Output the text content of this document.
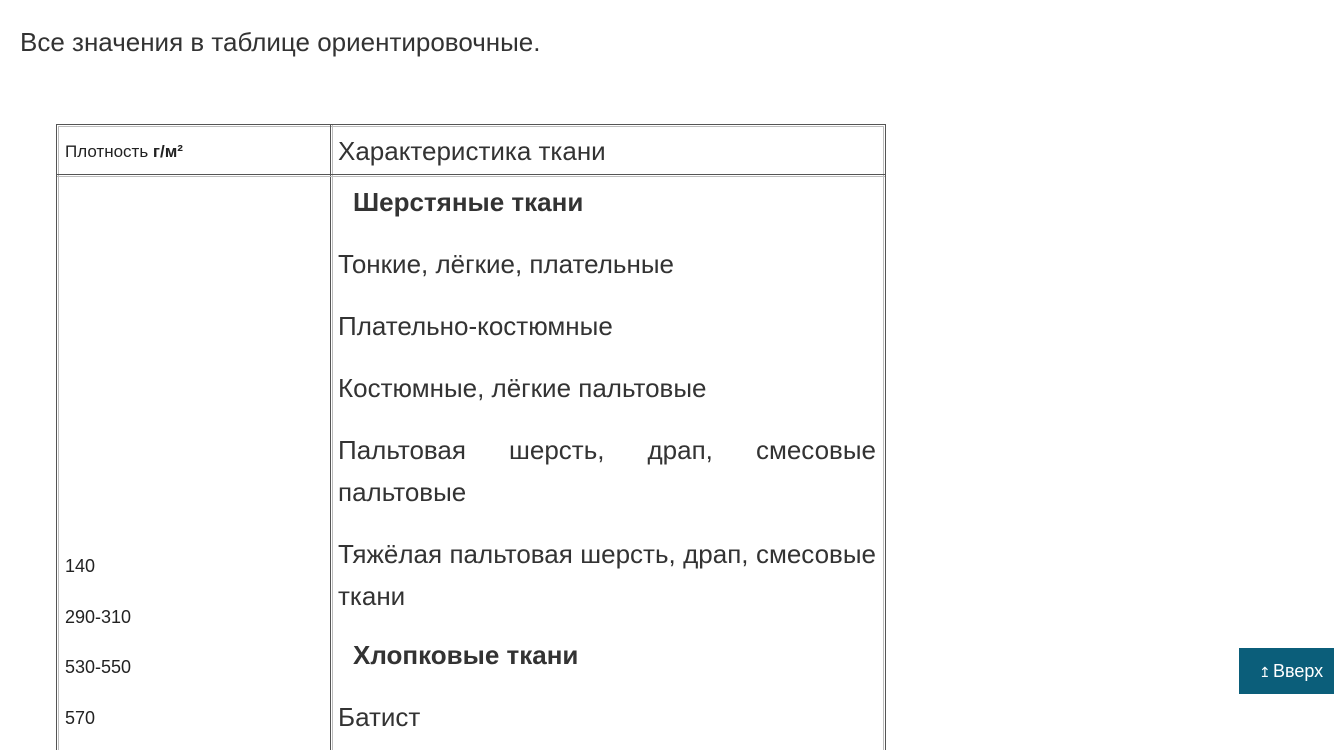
Все значения в таблице ориентировочные.

Плотность г/м²	Характеристика ткани
140
290-310
530-550
570
Шерстяные ткани
Тонкие, лёгкие, плательные
Плательно-костюмные
Костюмные, лёгкие пальтовые
Пальтовая шерсть, драп, смесовые пальтовые
Тяжёлая пальтовая шерсть, драп, смесовые ткани
Хлопковые ткани
Батист
↥ Вверх
